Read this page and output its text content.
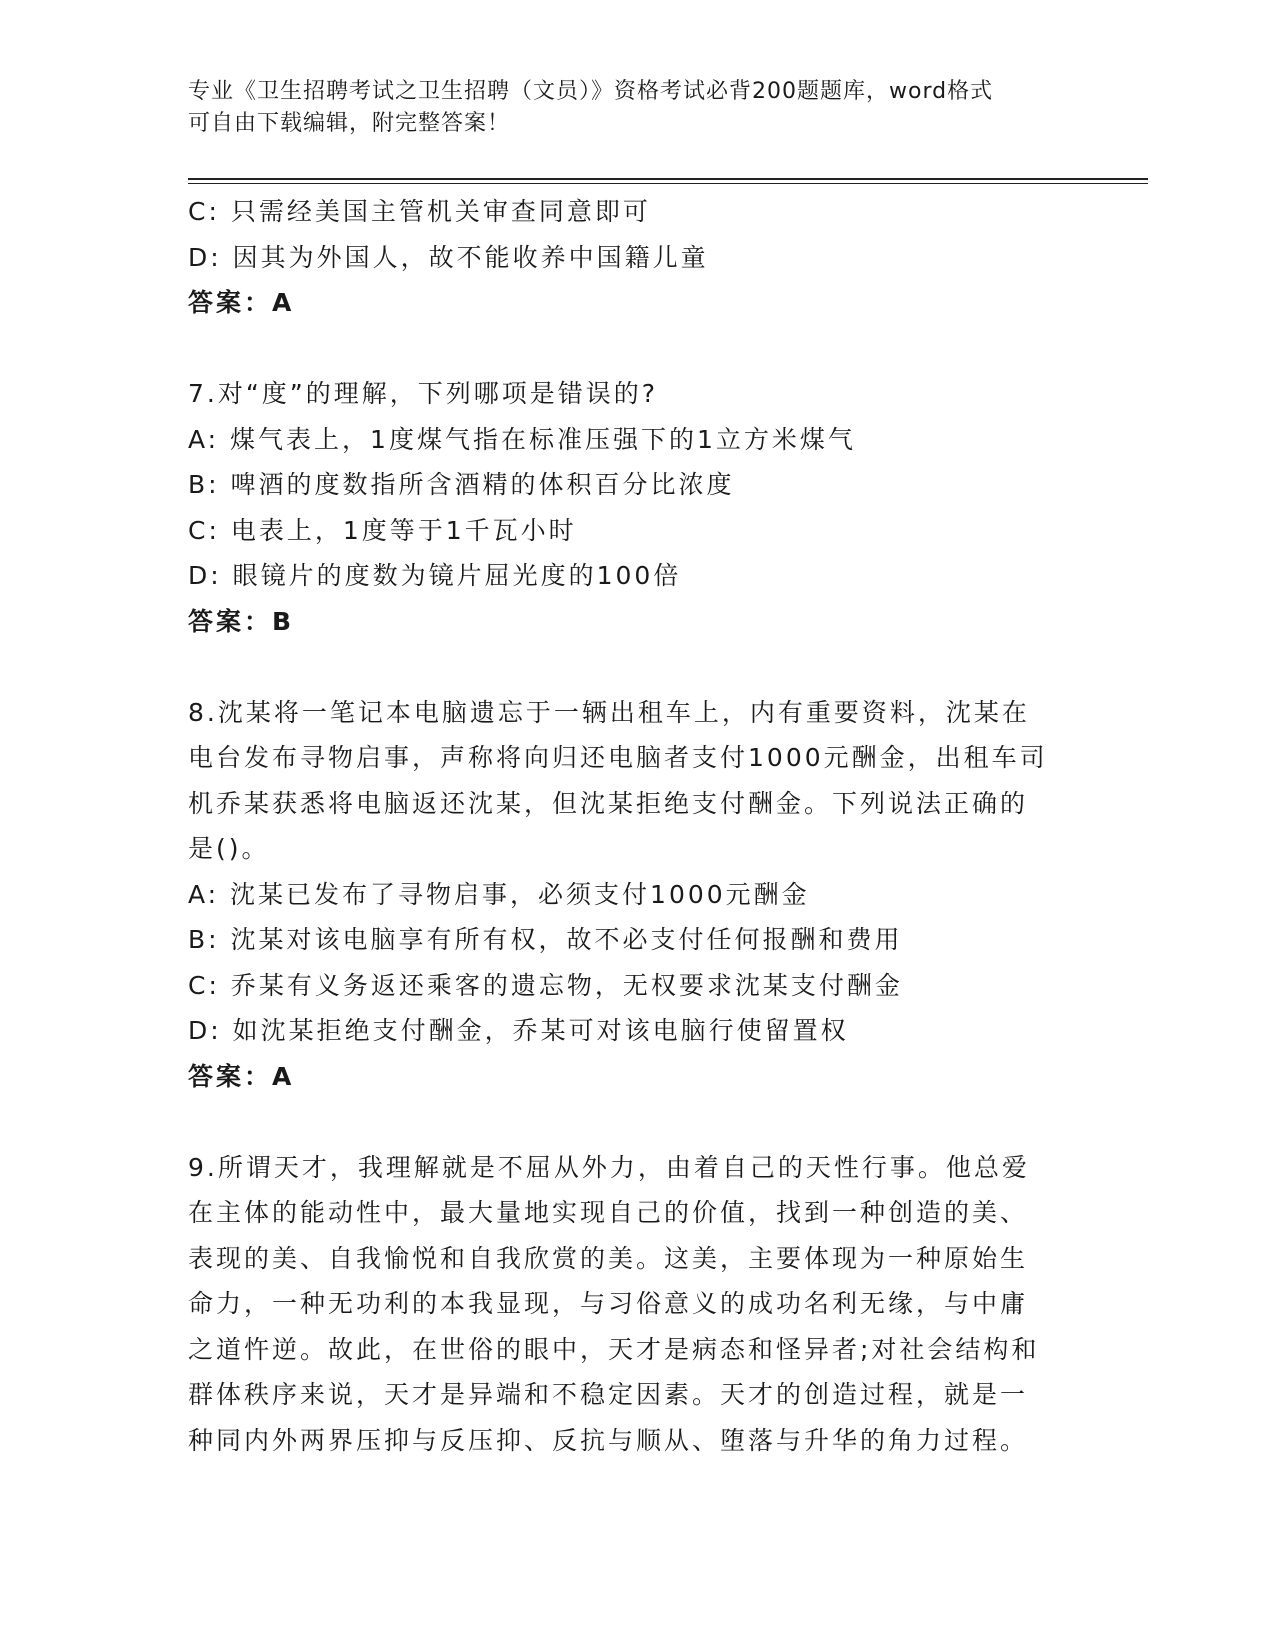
专业《卫生招聘考试之卫生招聘（文员）》资格考试必背200题题库，word格式
可自由下载编辑，附完整答案！
C: 只需经美国主管机关审查同意即可
D: 因其为外国人，故不能收养中国籍儿童
答案：A
7.对“度”的理解，下列哪项是错误的?
A: 煤气表上，1度煤气指在标准压强下的1立方米煤气
B: 啤酒的度数指所含酒精的体积百分比浓度
C: 电表上，1度等于1千瓦小时
D: 眼镜片的度数为镜片屈光度的100倍
答案：B
8.沈某将一笔记本电脑遗忘于一辆出租车上，内有重要资料，沈某在
电台发布寻物启事，声称将向归还电脑者支付1000元酬金，出租车司
机乔某获悉将电脑返还沈某，但沈某拒绝支付酬金。下列说法正确的
是()。
A: 沈某已发布了寻物启事，必须支付1000元酬金
B: 沈某对该电脑享有所有权，故不必支付任何报酬和费用
C: 乔某有义务返还乘客的遗忘物，无权要求沈某支付酬金
D: 如沈某拒绝支付酬金，乔某可对该电脑行使留置权
答案：A
9.所谓天才，我理解就是不屈从外力，由着自己的天性行事。他总爱
在主体的能动性中，最大量地实现自己的价值，找到一种创造的美、
表现的美、自我愉悦和自我欣赏的美。这美，主要体现为一种原始生
命力，一种无功利的本我显现，与习俗意义的成功名利无缘，与中庸
之道忤逆。故此，在世俗的眼中，天才是病态和怪异者;对社会结构和
群体秩序来说，天才是异端和不稳定因素。天才的创造过程，就是一
种同内外两界压抑与反压抑、反抗与顺从、堕落与升华的角力过程。
